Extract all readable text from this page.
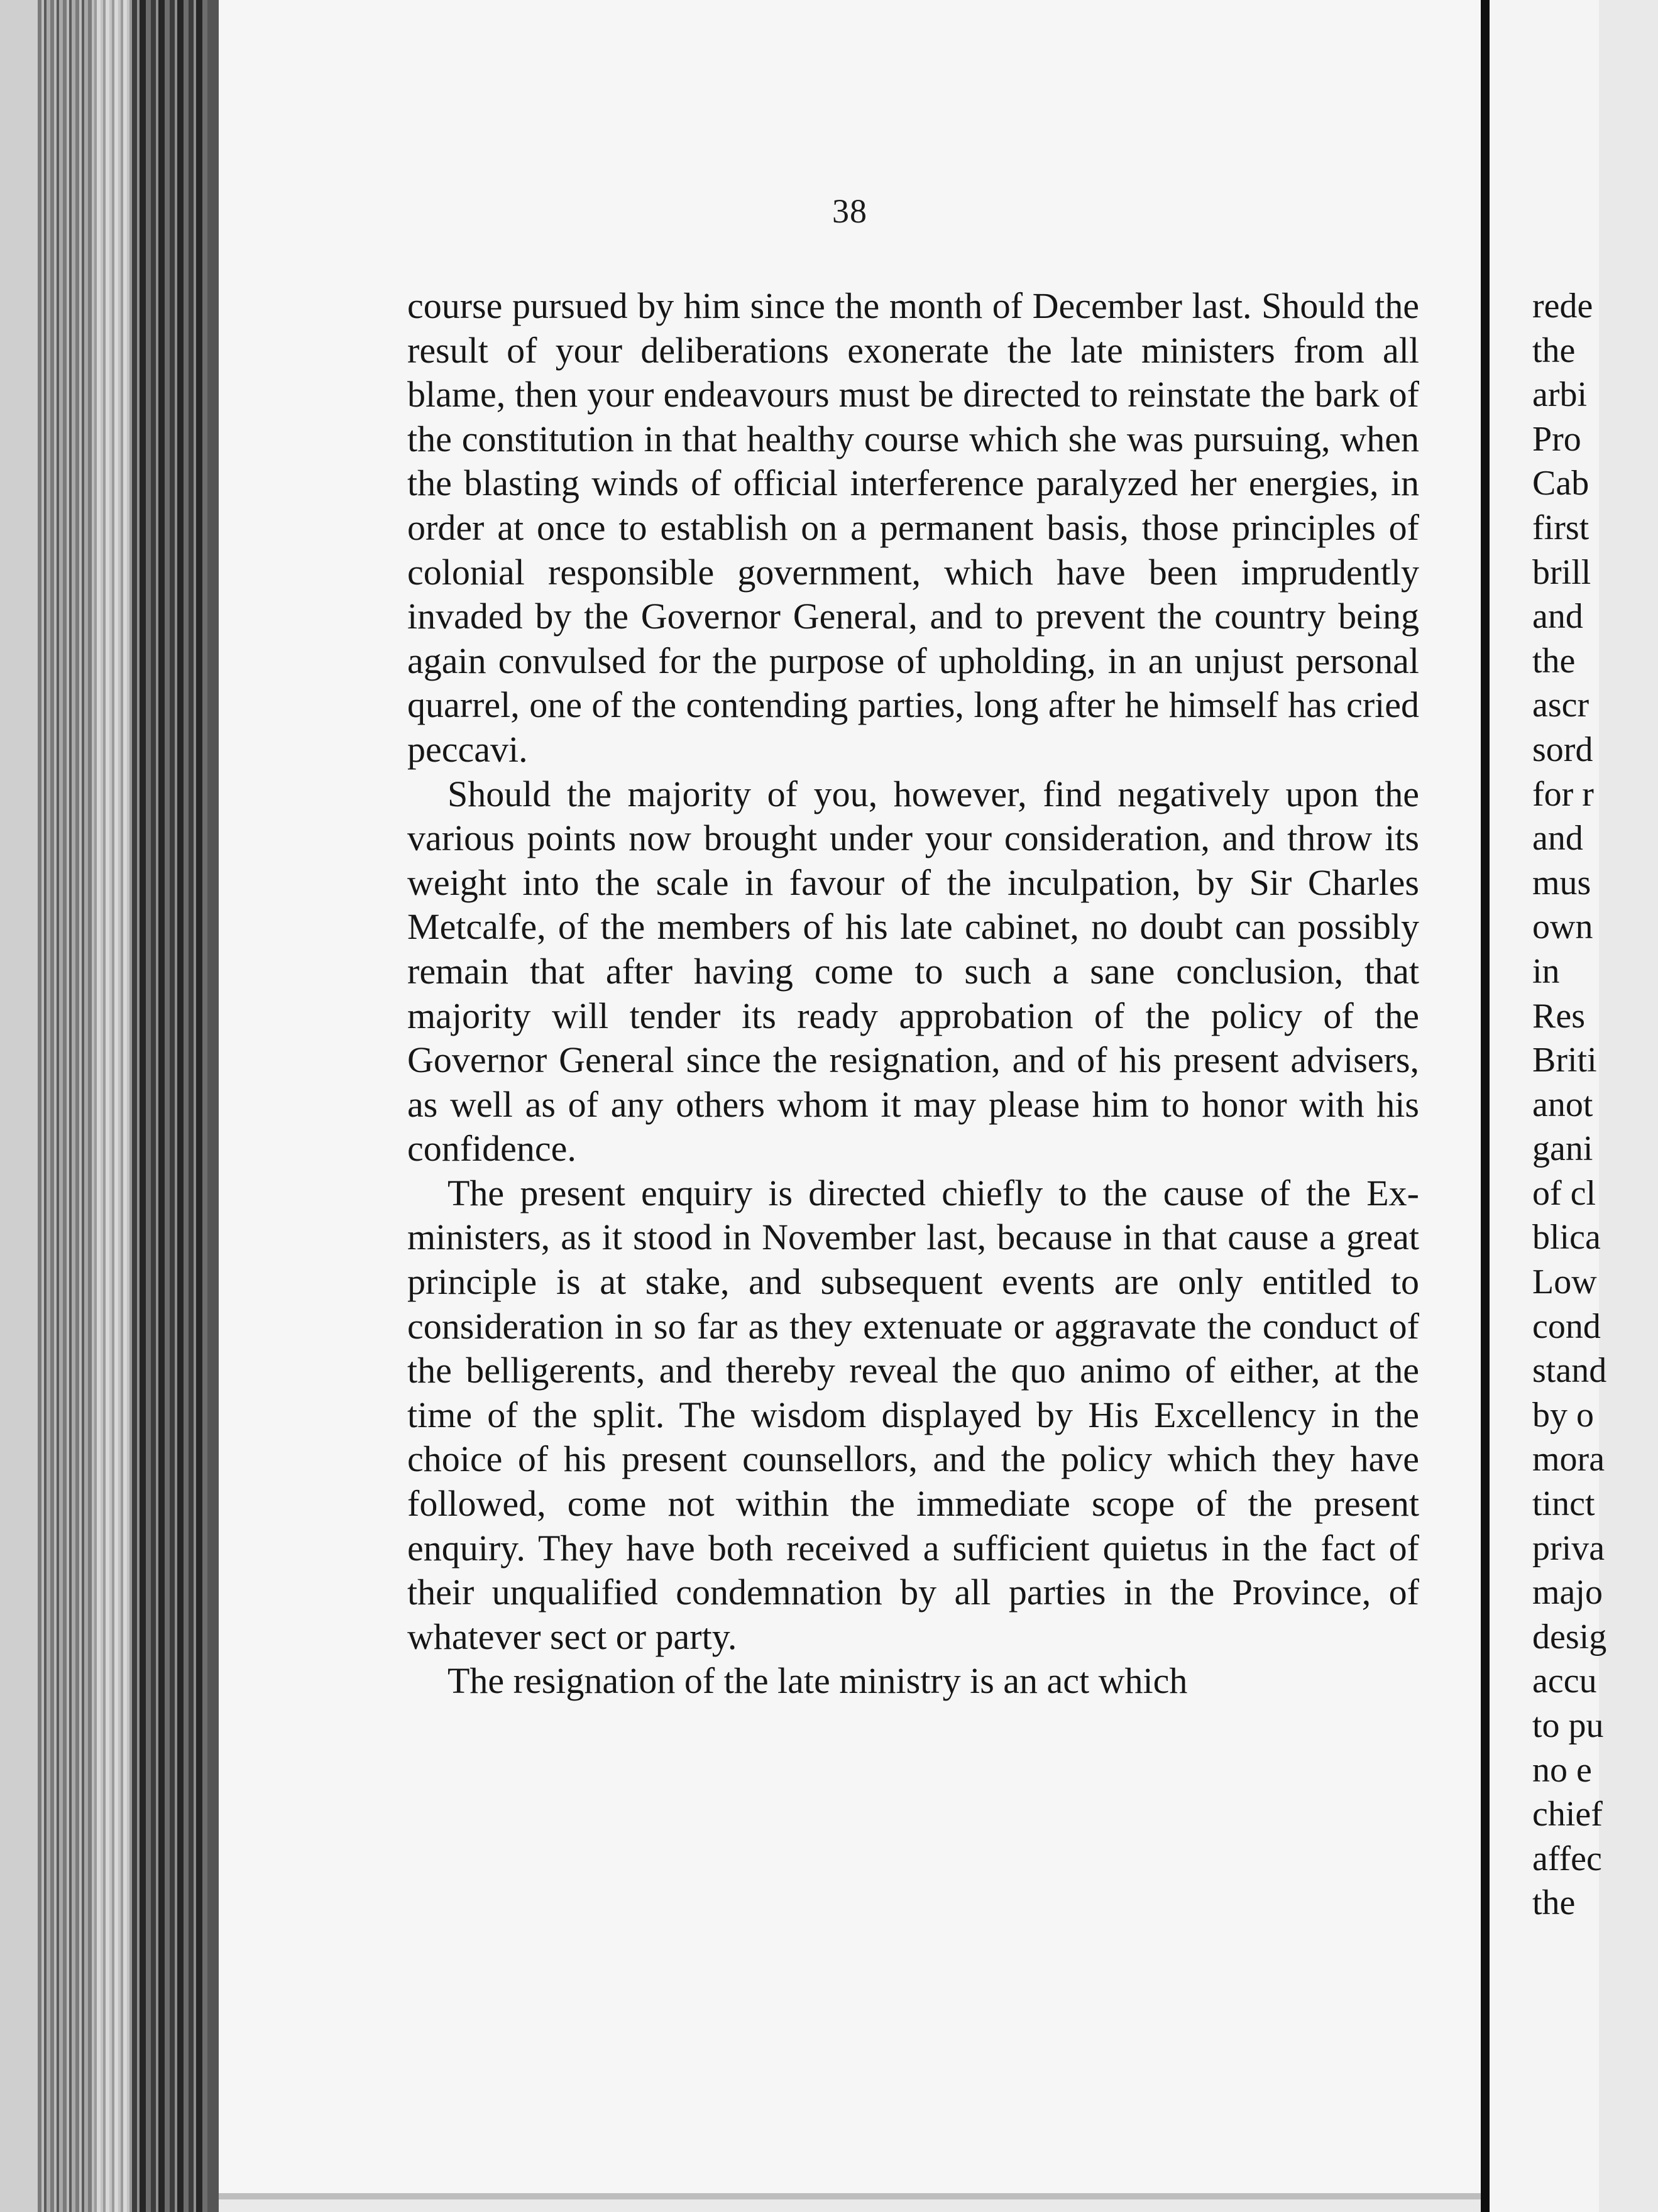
38

course pursued by him since the month of December last. Should the result of your deliberations exonerate the late ministers from all blame, then your endeavours must be directed to reinstate the bark of the constitution in that healthy course which she was pursuing, when the blasting winds of official interference paralyzed her energies, in order at once to establish on a permanent basis, those principles of colonial responsible government, which have been imprudently invaded by the Governor General, and to prevent the country being again convulsed for the purpose of upholding, in an unjust personal quarrel, one of the contending parties, long after he himself has cried peccavi.

Should the majority of you, however, find negatively upon the various points now brought under your consideration, and throw its weight into the scale in favour of the inculpation, by Sir Charles Metcalfe, of the members of his late cabinet, no doubt can possibly remain that after having come to such a sane conclusion, that majority will tender its ready approbation of the policy of the Governor General since the resignation, and of his present advisers, as well as of any others whom it may please him to honor with his confidence.

The present enquiry is directed chiefly to the cause of the Ex-ministers, as it stood in November last, because in that cause a great principle is at stake, and subsequent events are only entitled to consideration in so far as they extenuate or aggravate the conduct of the belligerents, and thereby reveal the quo animo of either, at the time of the split. The wisdom displayed by His Excellency in the choice of his present counsellors, and the policy which they have followed, come not within the immediate scope of the present enquiry. They have both received a sufficient quietus in the fact of their unqualified condemnation by all parties in the Province, of whatever sect or party.

The resignation of the late ministry is an act which

rede
the
arbi
Pro
Cab
first
brill
and
the
ascr
sord
for r
and
mus
own
in
Res
Briti
anot
gani
of cl
blica
Low
cond
stand
by o
mora
tinct
priva
majo
desig
accu
to pu
no e
chief
affec
the
